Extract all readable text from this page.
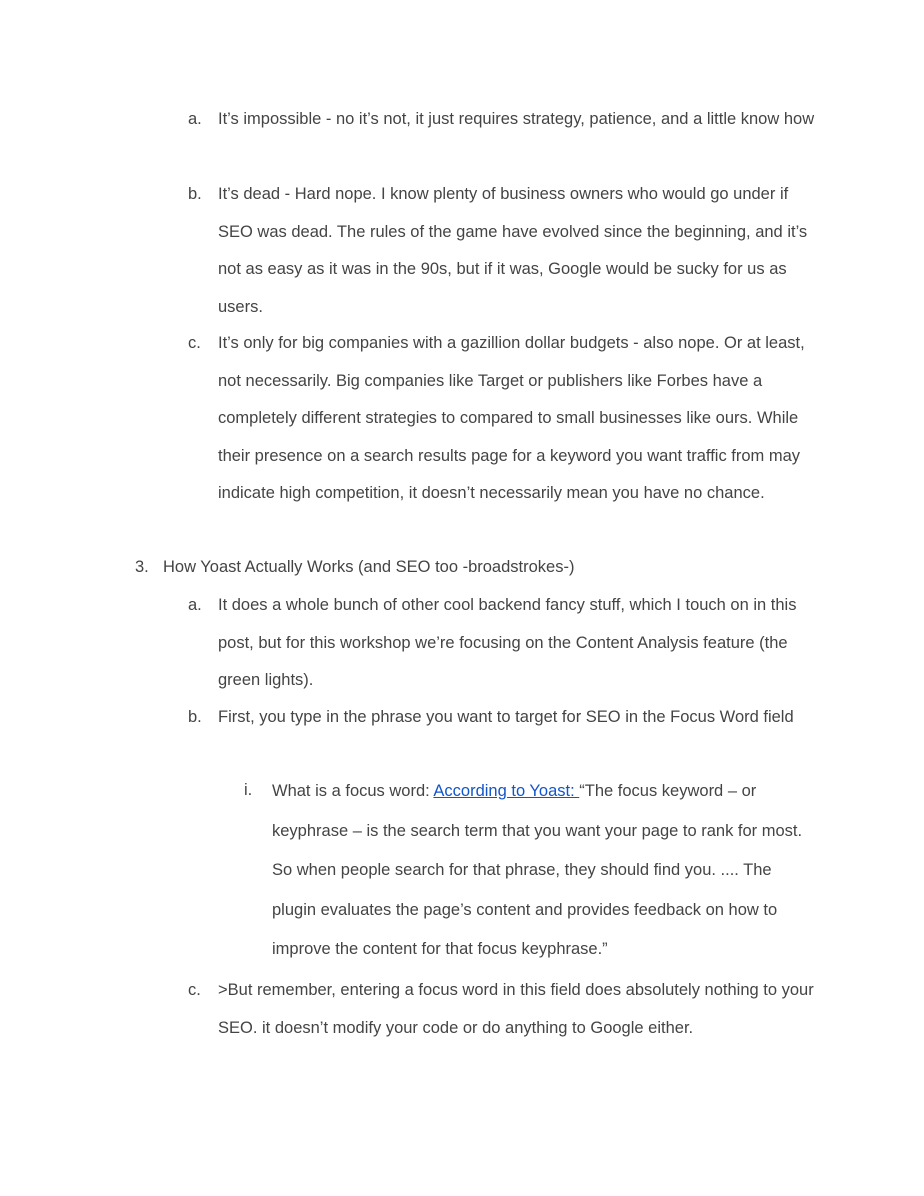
a. It’s impossible - no it’s not, it just requires strategy, patience, and a little know how
b. It’s dead - Hard nope. I know plenty of business owners who would go under if SEO was dead. The rules of the game have evolved since the beginning, and it’s not as easy as it was in the 90s, but if it was, Google would be sucky for us as users.
c. It’s only for big companies with a gazillion dollar budgets - also nope. Or at least, not necessarily. Big companies like Target or publishers like Forbes have a completely different strategies to compared to small businesses like ours. While their presence on a search results page for a keyword you want traffic from may indicate high competition, it doesn’t necessarily mean you have no chance.
3. How Yoast Actually Works (and SEO too -broadstrokes-)
a. It does a whole bunch of other cool backend fancy stuff, which I touch on in this post, but for this workshop we’re focusing on the Content Analysis feature (the green lights).
b. First, you type in the phrase you want to target for SEO in the Focus Word field
i. What is a focus word: According to Yoast: “The focus keyword – or keyphrase – is the search term that you want your page to rank for most. So when people search for that phrase, they should find you. .... The plugin evaluates the page’s content and provides feedback on how to improve the content for that focus keyphrase.”
c. >But remember, entering a focus word in this field does absolutely nothing to your SEO. it doesn’t modify your code or do anything to Google either.
